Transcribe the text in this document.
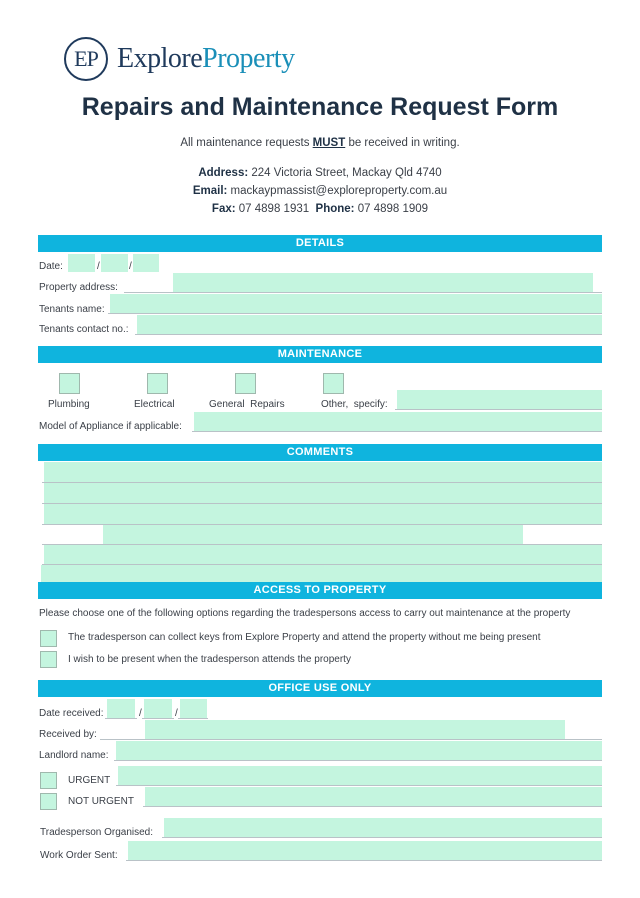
EP ExploreProperty
Repairs and Maintenance Request Form
All maintenance requests MUST be received in writing.
Address: 224 Victoria Street, Mackay Qld 4740
Email: mackaypmassist@exploreproperty.com.au
Fax: 07 4898 1931 Phone: 07 4898 1909
DETAILS
Date:	/	/
Property address:
Tenants name:
Tenants contact no.:
MAINTENANCE
Plumbing	Electrical	General  Repairs	Other,  specify:
Model of Appliance if applicable:
COMMENTS
ACCESS TO PROPERTY
Please choose one of the following options regarding the tradespersons access to carry out maintenance at the property
The tradesperson can collect keys from Explore Property and attend the property without me being present
I wish to be present when the tradesperson attends the property
OFFICE USE ONLY
Date received:	/	/
Received by:
Landlord name:
URGENT
NOT URGENT
Tradesperson Organised:
Work Order Sent:
